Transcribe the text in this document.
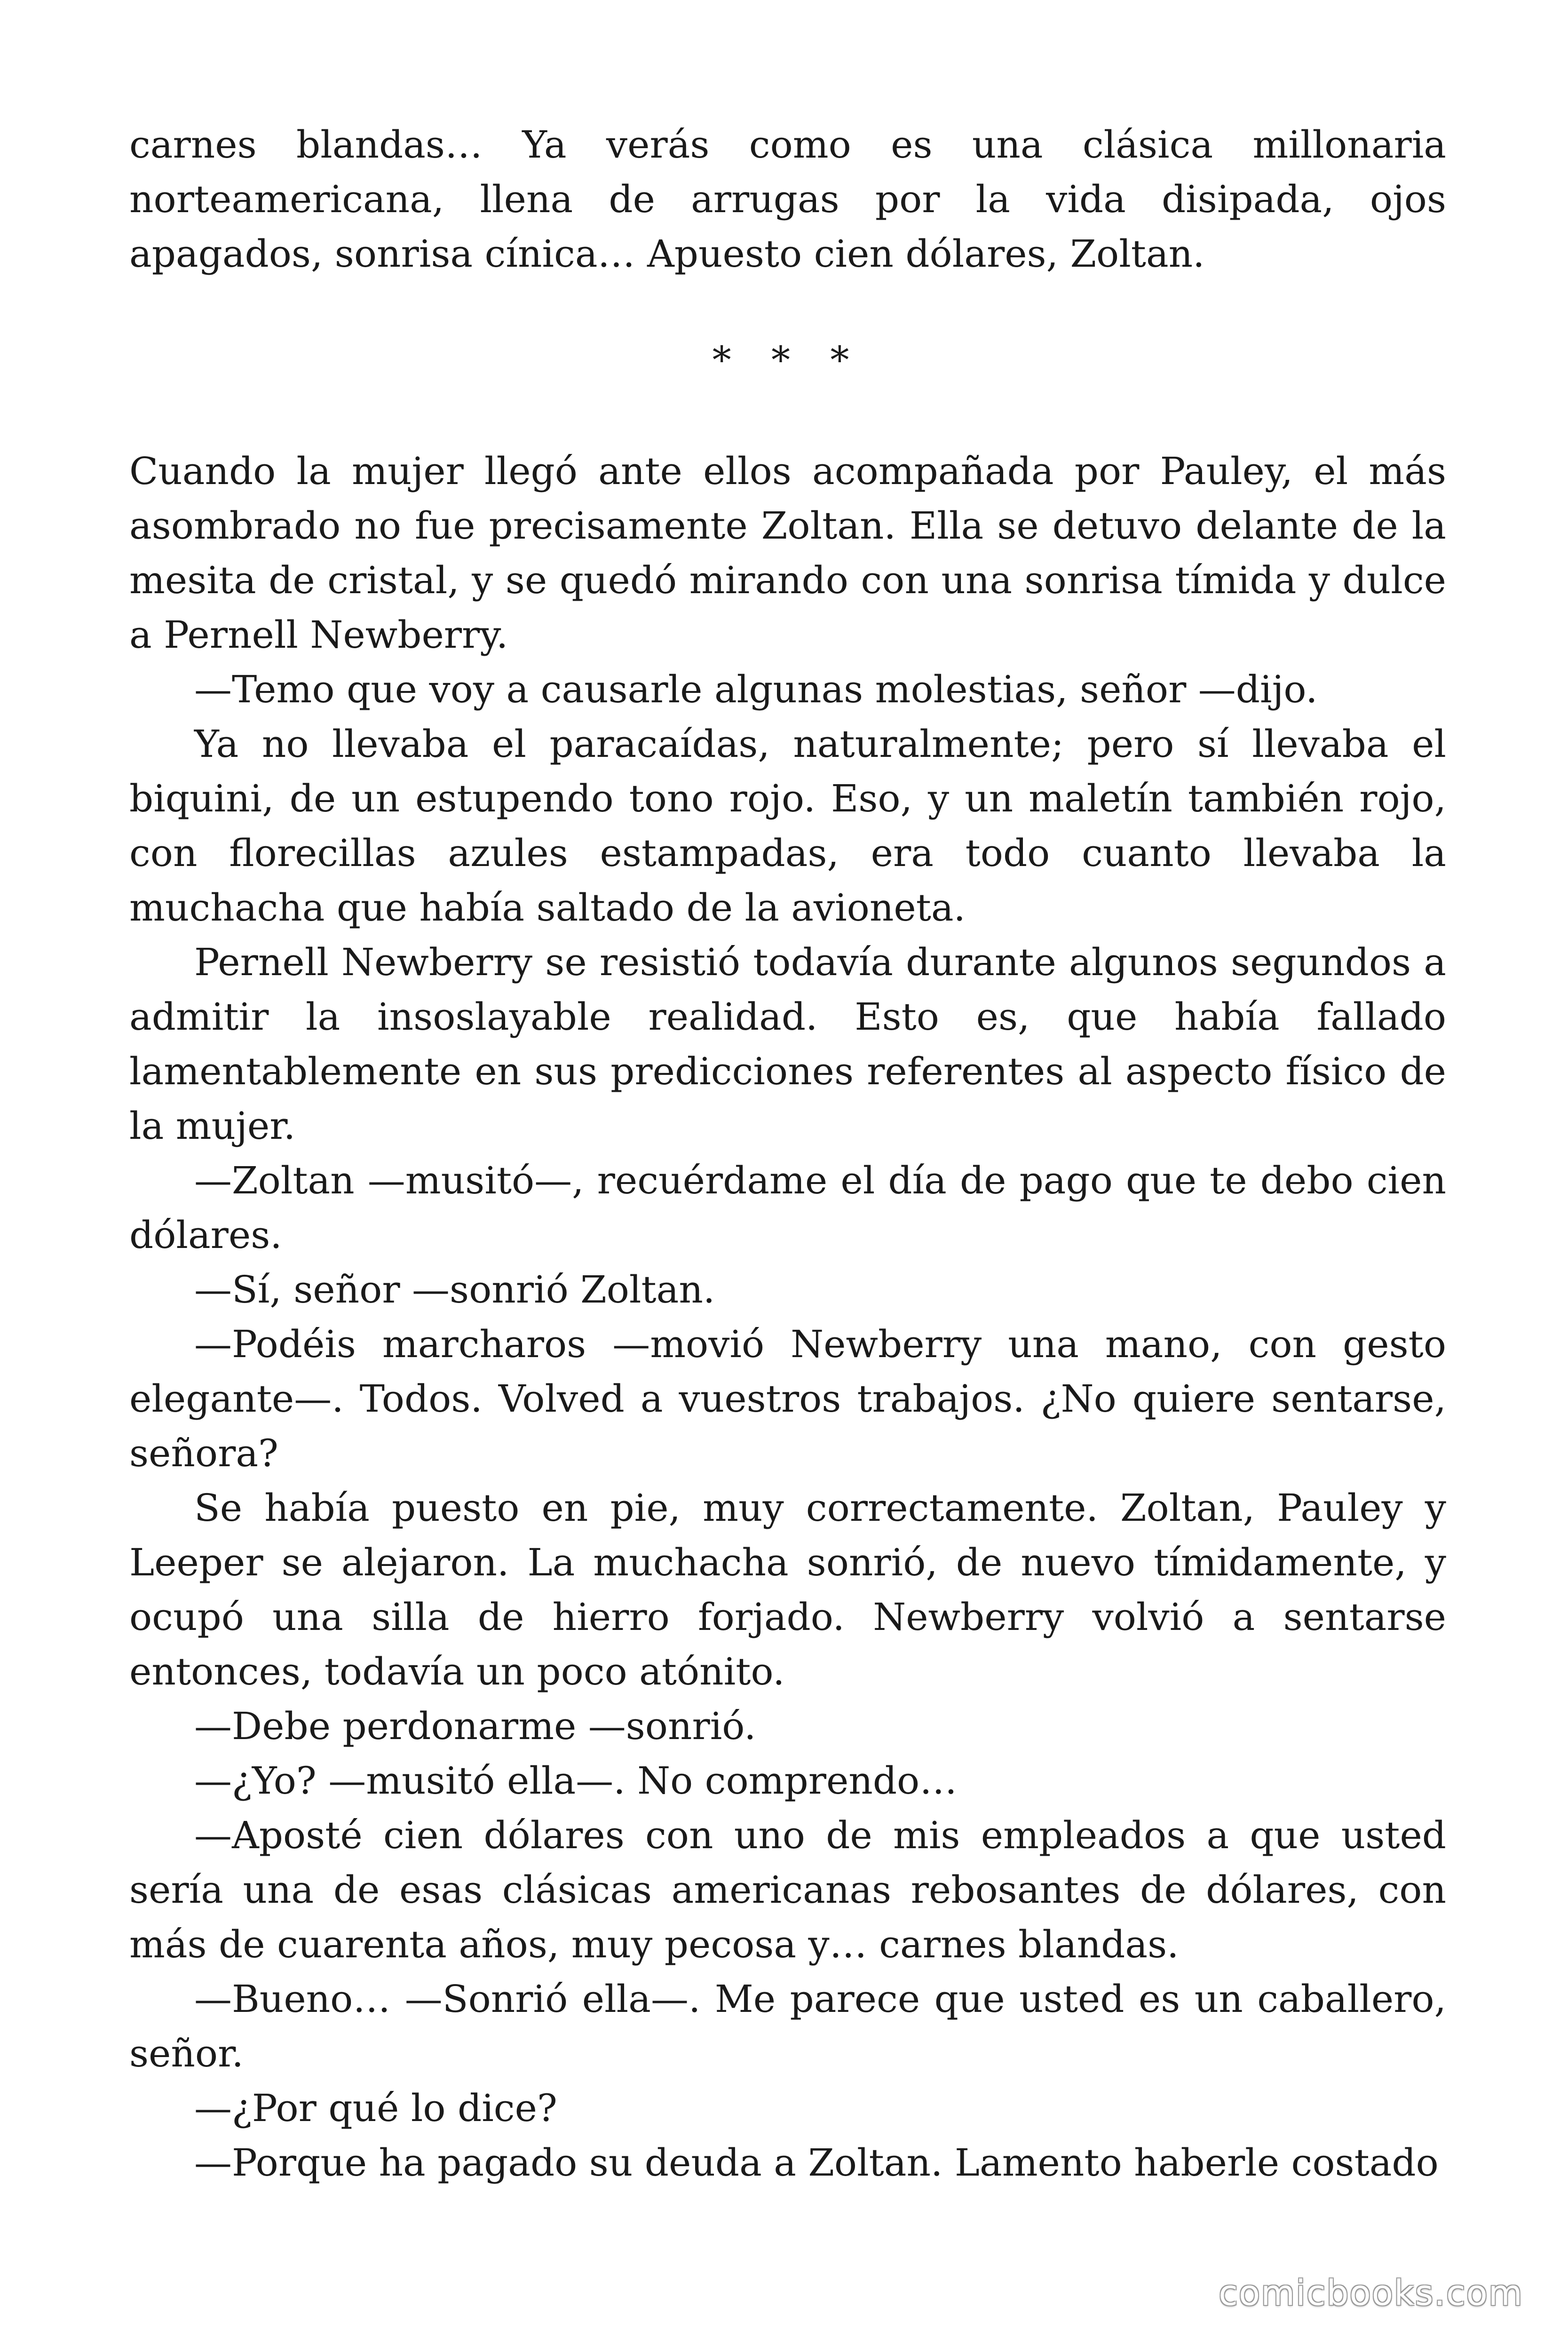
carnes blandas… Ya verás como es una clásica millonaria norteamericana, llena de arrugas por la vida disipada, ojos apagados, sonrisa cínica… Apuesto cien dólares, Zoltan.

* * *

Cuando la mujer llegó ante ellos acompañada por Pauley, el más asombrado no fue precisamente Zoltan. Ella se detuvo delante de la mesita de cristal, y se quedó mirando con una sonrisa tímida y dulce a Pernell Newberry.

—Temo que voy a causarle algunas molestias, señor —dijo.

Ya no llevaba el paracaídas, naturalmente; pero sí llevaba el biquini, de un estupendo tono rojo. Eso, y un maletín también rojo, con florecillas azules estampadas, era todo cuanto llevaba la muchacha que había saltado de la avioneta.

Pernell Newberry se resistió todavía durante algunos segundos a admitir la insoslayable realidad. Esto es, que había fallado lamentablemente en sus predicciones referentes al aspecto físico de la mujer.

—Zoltan —musitó—, recuérdame el día de pago que te debo cien dólares.

—Sí, señor —sonrió Zoltan.

—Podéis marcharos —movió Newberry una mano, con gesto elegante—. Todos. Volved a vuestros trabajos. ¿No quiere sentarse, señora?

Se había puesto en pie, muy correctamente. Zoltan, Pauley y Leeper se alejaron. La muchacha sonrió, de nuevo tímidamente, y ocupó una silla de hierro forjado. Newberry volvió a sentarse entonces, todavía un poco atónito.

—Debe perdonarme —sonrió.

—¿Yo? —musitó ella—. No comprendo…

—Aposté cien dólares con uno de mis empleados a que usted sería una de esas clásicas americanas rebosantes de dólares, con más de cuarenta años, muy pecosa y… carnes blandas.

—Bueno… —Sonrió ella—. Me parece que usted es un caballero, señor.

—¿Por qué lo dice?

—Porque ha pagado su deuda a Zoltan. Lamento haberle costado

comicbooks.com
